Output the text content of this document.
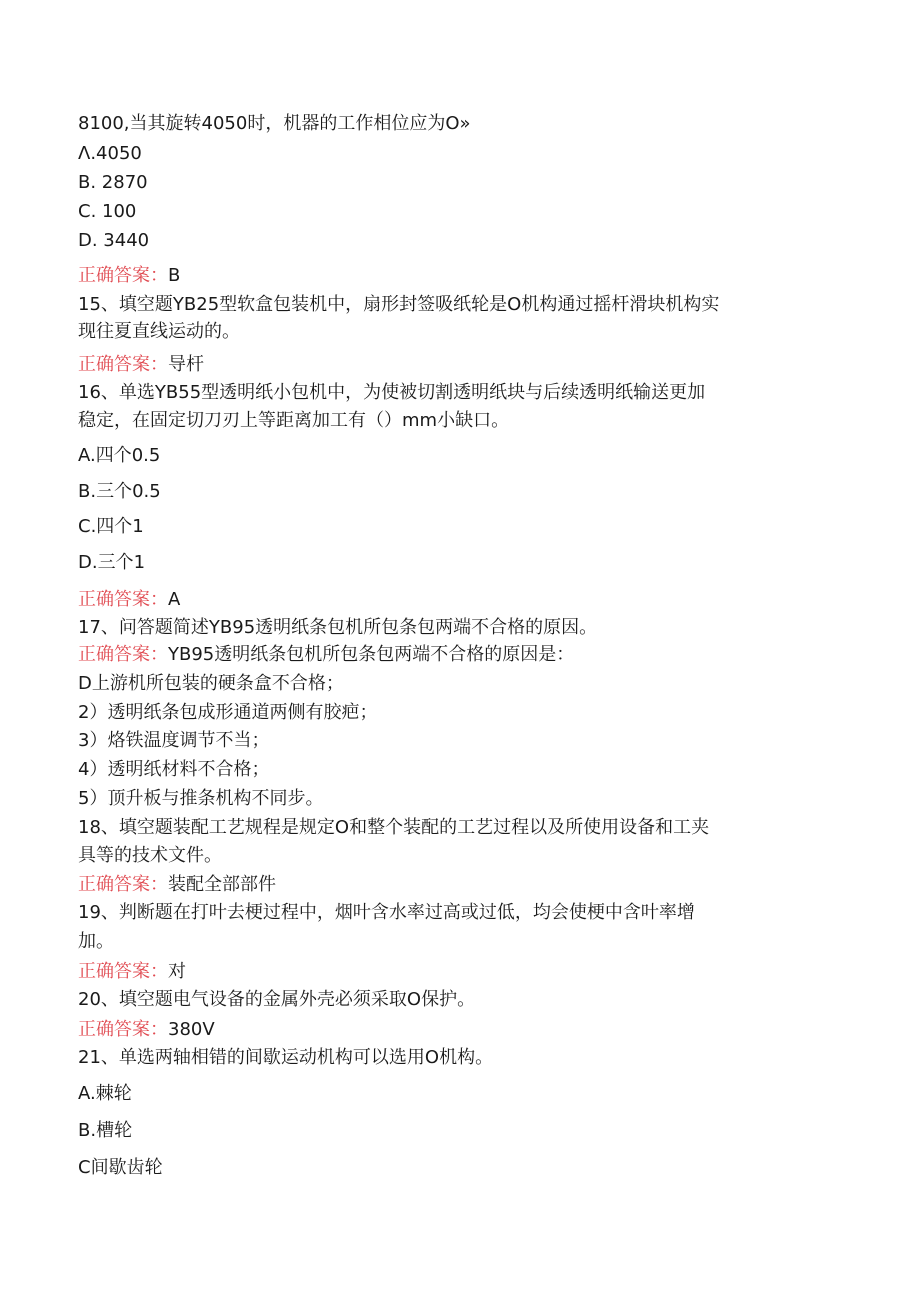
8100,当其旋转4050时，机器的工作相位应为O»
Λ.4050
B. 2870
C. 100
D. 3440
正确答案：B
15、填空题YB25型软盒包装机中，扇形封签吸纸轮是O机构通过摇杆滑块机构实
现往夏直线运动的。
正确答案：导杆
16、单选YB55型透明纸小包机中，为使被切割透明纸块与后续透明纸输送更加
稳定，在固定切刀刃上等距离加工有（）mm小缺口。
A.四个0.5
B.三个0.5
C.四个1
D.三个1
正确答案：A
17、问答题简述YB95透明纸条包机所包条包两端不合格的原因。
正确答案：YB95透明纸条包机所包条包两端不合格的原因是：
D上游机所包装的硬条盒不合格；
2）透明纸条包成形通道两侧有胶疤；
3）烙铁温度调节不当；
4）透明纸材料不合格；
5）顶升板与推条机构不同步。
18、填空题装配工艺规程是规定O和整个装配的工艺过程以及所使用设备和工夹
具等的技术文件。
正确答案：装配全部部件
19、判断题在打叶去梗过程中，烟叶含水率过高或过低，均会使梗中含叶率增
加。
正确答案：对
20、填空题电气设备的金属外壳必须采取O保护。
正确答案：380V
21、单选两轴相错的间歇运动机构可以选用O机构。
A.棘轮
B.槽轮
C间歇齿轮
